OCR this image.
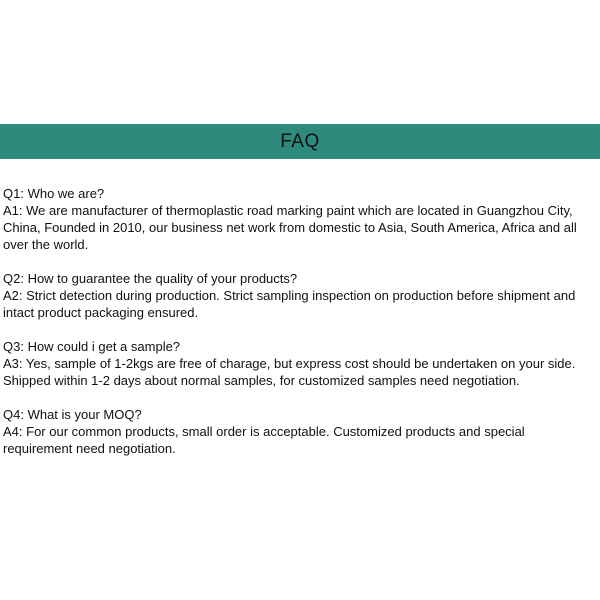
FAQ
Q1: Who we are?
A1: We are manufacturer of thermoplastic road marking paint which are located in Guangzhou City, China, Founded in 2010, our business net work from domestic to Asia, South America, Africa and all over the world.
Q2: How to guarantee the quality of your products?
A2: Strict detection during production. Strict sampling inspection on production before shipment and intact product packaging ensured.
Q3: How could i get a sample?
A3: Yes, sample of 1-2kgs are free of charage, but express cost should be undertaken on your side. Shipped within 1-2 days about normal samples, for customized samples need negotiation.
Q4: What is your MOQ?
A4: For our common products, small order is acceptable. Customized products and special requirement need negotiation.
